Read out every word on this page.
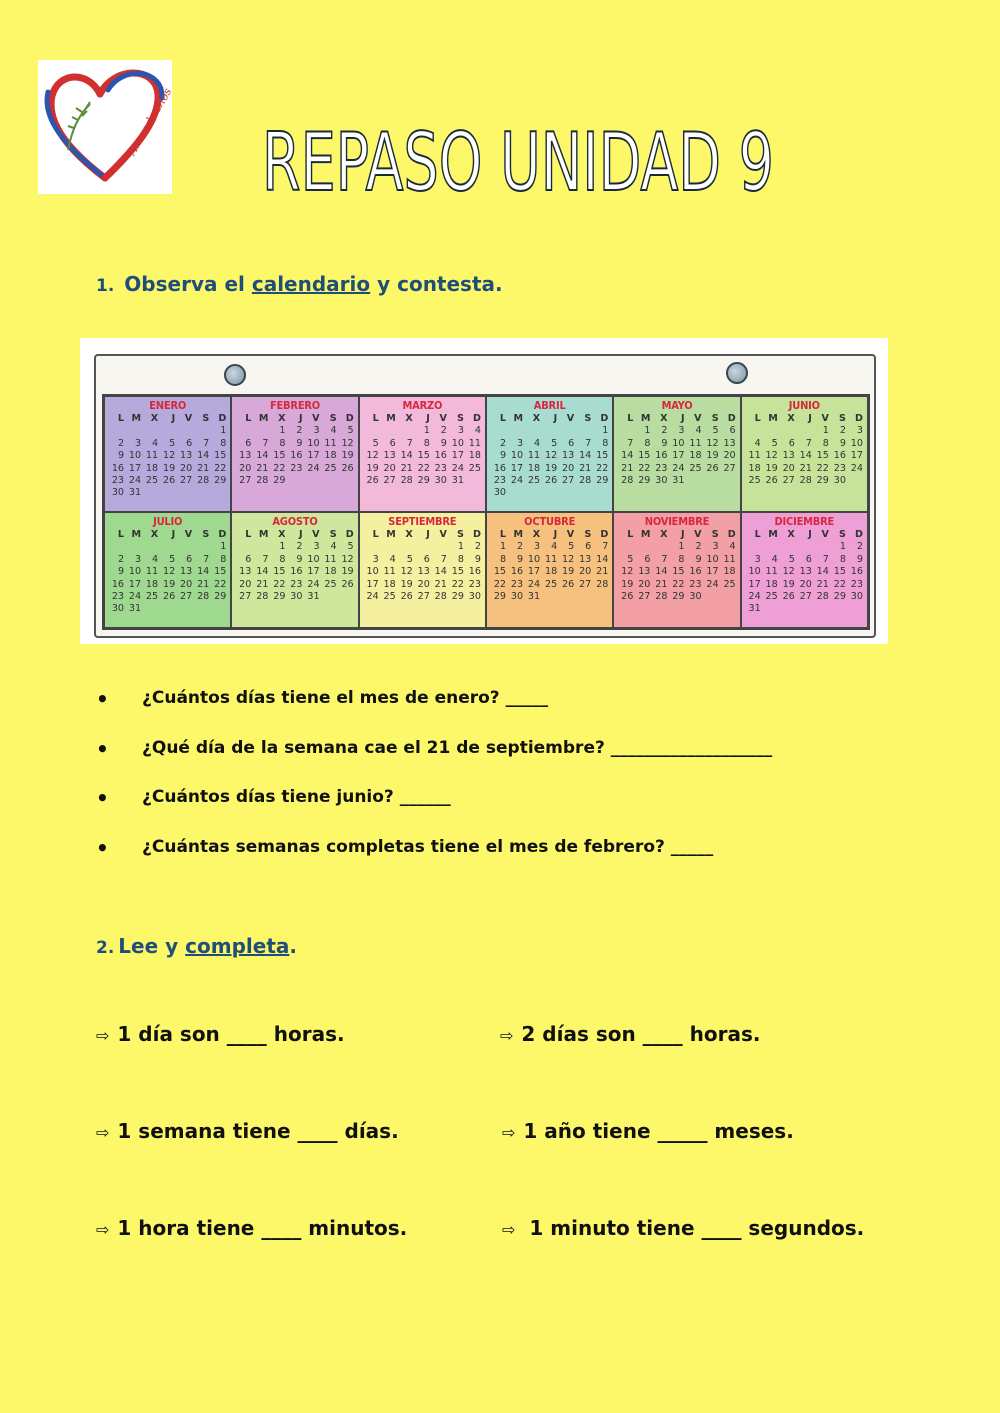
Amor de Dios REPASO UNIDAD 9
1. Observa el calendario y contesta.
ENERO
L	M	X	J	V	S	D
						1
2	3	4	5	6	7	8
9	10	11	12	13	14	15
16	17	18	19	20	21	22
23	24	25	26	27	28	29
30	31					
FEBRERO
L	M	X	J	V	S	D
		1	2	3	4	5
6	7	8	9	10	11	12
13	14	15	16	17	18	19
20	21	22	23	24	25	26
27	28	29				
MARZO
L	M	X	J	V	S	D
			1	2	3	4
5	6	7	8	9	10	11
12	13	14	15	16	17	18
19	20	21	22	23	24	25
26	27	28	29	30	31	
ABRIL
L	M	X	J	V	S	D
						1
2	3	4	5	6	7	8
9	10	11	12	13	14	15
16	17	18	19	20	21	22
23	24	25	26	27	28	29
30						
MAYO
L	M	X	J	V	S	D
	1	2	3	4	5	6
7	8	9	10	11	12	13
14	15	16	17	18	19	20
21	22	23	24	25	26	27
28	29	30	31			
JUNIO
L	M	X	J	V	S	D
				1	2	3
4	5	6	7	8	9	10
11	12	13	14	15	16	17
18	19	20	21	22	23	24
25	26	27	28	29	30	
JULIO
L	M	X	J	V	S	D
						1
2	3	4	5	6	7	8
9	10	11	12	13	14	15
16	17	18	19	20	21	22
23	24	25	26	27	28	29
30	31					
AGOSTO
L	M	X	J	V	S	D
		1	2	3	4	5
6	7	8	9	10	11	12
13	14	15	16	17	18	19
20	21	22	23	24	25	26
27	28	29	30	31		
SEPTIEMBRE
L	M	X	J	V	S	D
					1	2
3	4	5	6	7	8	9
10	11	12	13	14	15	16
17	18	19	20	21	22	23
24	25	26	27	28	29	30
OCTUBRE
L	M	X	J	V	S	D
1	2	3	4	5	6	7
8	9	10	11	12	13	14
15	16	17	18	19	20	21
22	23	24	25	26	27	28
29	30	31				
NOVIEMBRE
L	M	X	J	V	S	D
			1	2	3	4
5	6	7	8	9	10	11
12	13	14	15	16	17	18
19	20	21	22	23	24	25
26	27	28	29	30		
DICIEMBRE
L	M	X	J	V	S	D
					1	2
3	4	5	6	7	8	9
10	11	12	13	14	15	16
17	18	19	20	21	22	23
24	25	26	27	28	29	30
31						
• ¿Cuántos días tiene el mes de enero? _____
• ¿Qué día de la semana cae el 21 de septiembre? ___________________
• ¿Cuántos días tiene junio? ______
• ¿Cuántas semanas completas tiene el mes de febrero? _____
2. Lee y completa.
⇨ 1 día son ____ horas.	⇨ 2 días son ____ horas.
⇨ 1 semana tiene ____ días.	⇨ 1 año tiene _____ meses.
⇨ 1 hora tiene ____ minutos.	⇨ 1 minuto tiene ____ segundos.
